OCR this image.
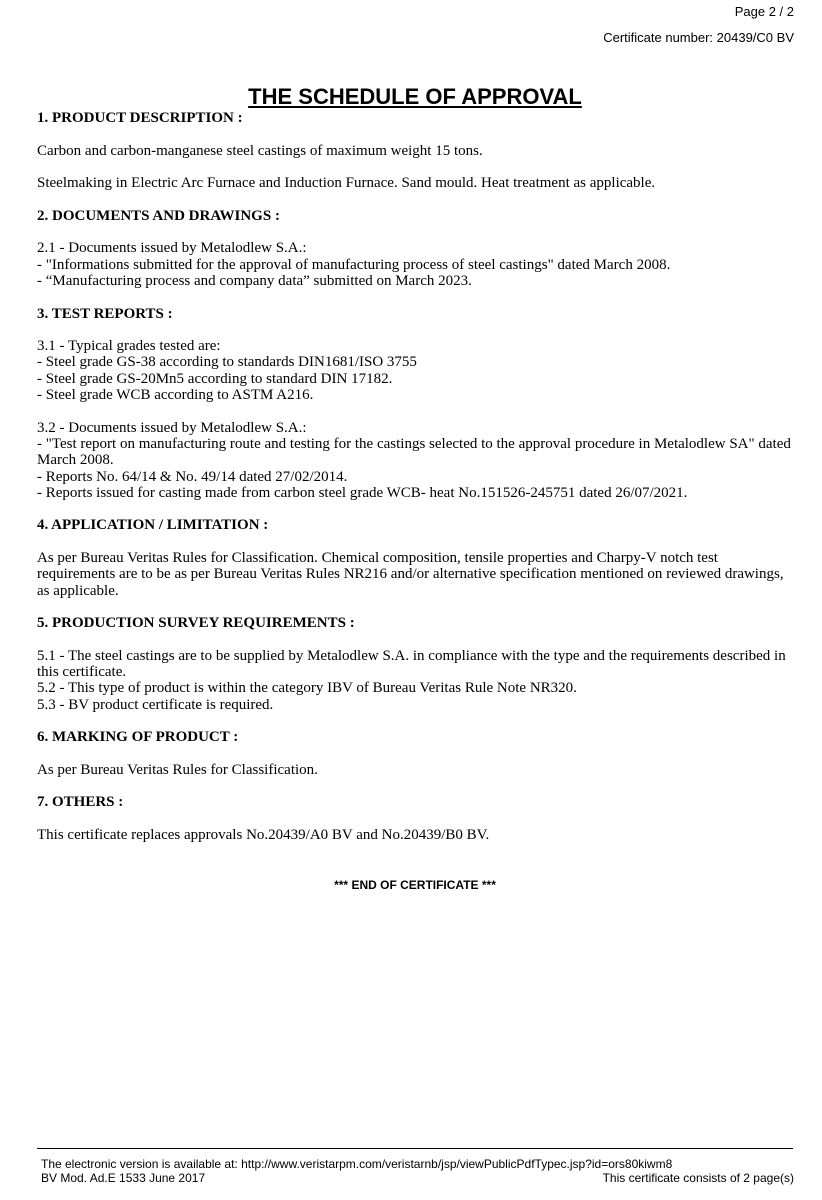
Page 2 / 2
Certificate number: 20439/C0 BV
THE SCHEDULE OF APPROVAL
1. PRODUCT DESCRIPTION :
Carbon and carbon-manganese steel castings of maximum weight 15 tons.
Steelmaking in Electric Arc Furnace and Induction Furnace. Sand mould. Heat treatment as applicable.
2. DOCUMENTS AND DRAWINGS :
2.1 - Documents issued by Metalodlew S.A.:
- "Informations submitted for the approval of manufacturing process of steel castings" dated March 2008.
- “Manufacturing process and company data” submitted on March 2023.
3. TEST REPORTS :
3.1 - Typical grades tested are:
- Steel grade GS-38 according to standards DIN1681/ISO 3755
- Steel grade GS-20Mn5 according to standard DIN 17182.
- Steel grade WCB according to ASTM A216.
3.2 - Documents issued by Metalodlew S.A.:
- "Test report on manufacturing route and testing for the castings selected to the approval procedure in Metalodlew SA" dated March 2008.
- Reports No. 64/14 & No. 49/14 dated 27/02/2014.
- Reports issued for casting made from carbon steel grade WCB- heat No.151526-245751 dated 26/07/2021.
4. APPLICATION / LIMITATION :
As per Bureau Veritas Rules for Classification. Chemical composition, tensile properties and Charpy-V notch test requirements are to be as per Bureau Veritas Rules NR216 and/or alternative specification mentioned on reviewed drawings, as applicable.
5. PRODUCTION SURVEY REQUIREMENTS :
5.1 - The steel castings are to be supplied by Metalodlew S.A. in compliance with the type and the requirements described in this certificate.
5.2 - This type of product is within the category IBV of Bureau Veritas Rule Note NR320.
5.3 - BV product certificate is required.
6. MARKING OF PRODUCT :
As per Bureau Veritas Rules for Classification.
7. OTHERS :
This certificate replaces approvals No.20439/A0 BV and No.20439/B0 BV.
*** END OF CERTIFICATE ***
The electronic version is available at: http://www.veristarpm.com/veristarnb/jsp/viewPublicPdfTypec.jsp?id=ors80kiwm8
BV Mod. Ad.E 1533 June 2017	This certificate consists of 2 page(s)
